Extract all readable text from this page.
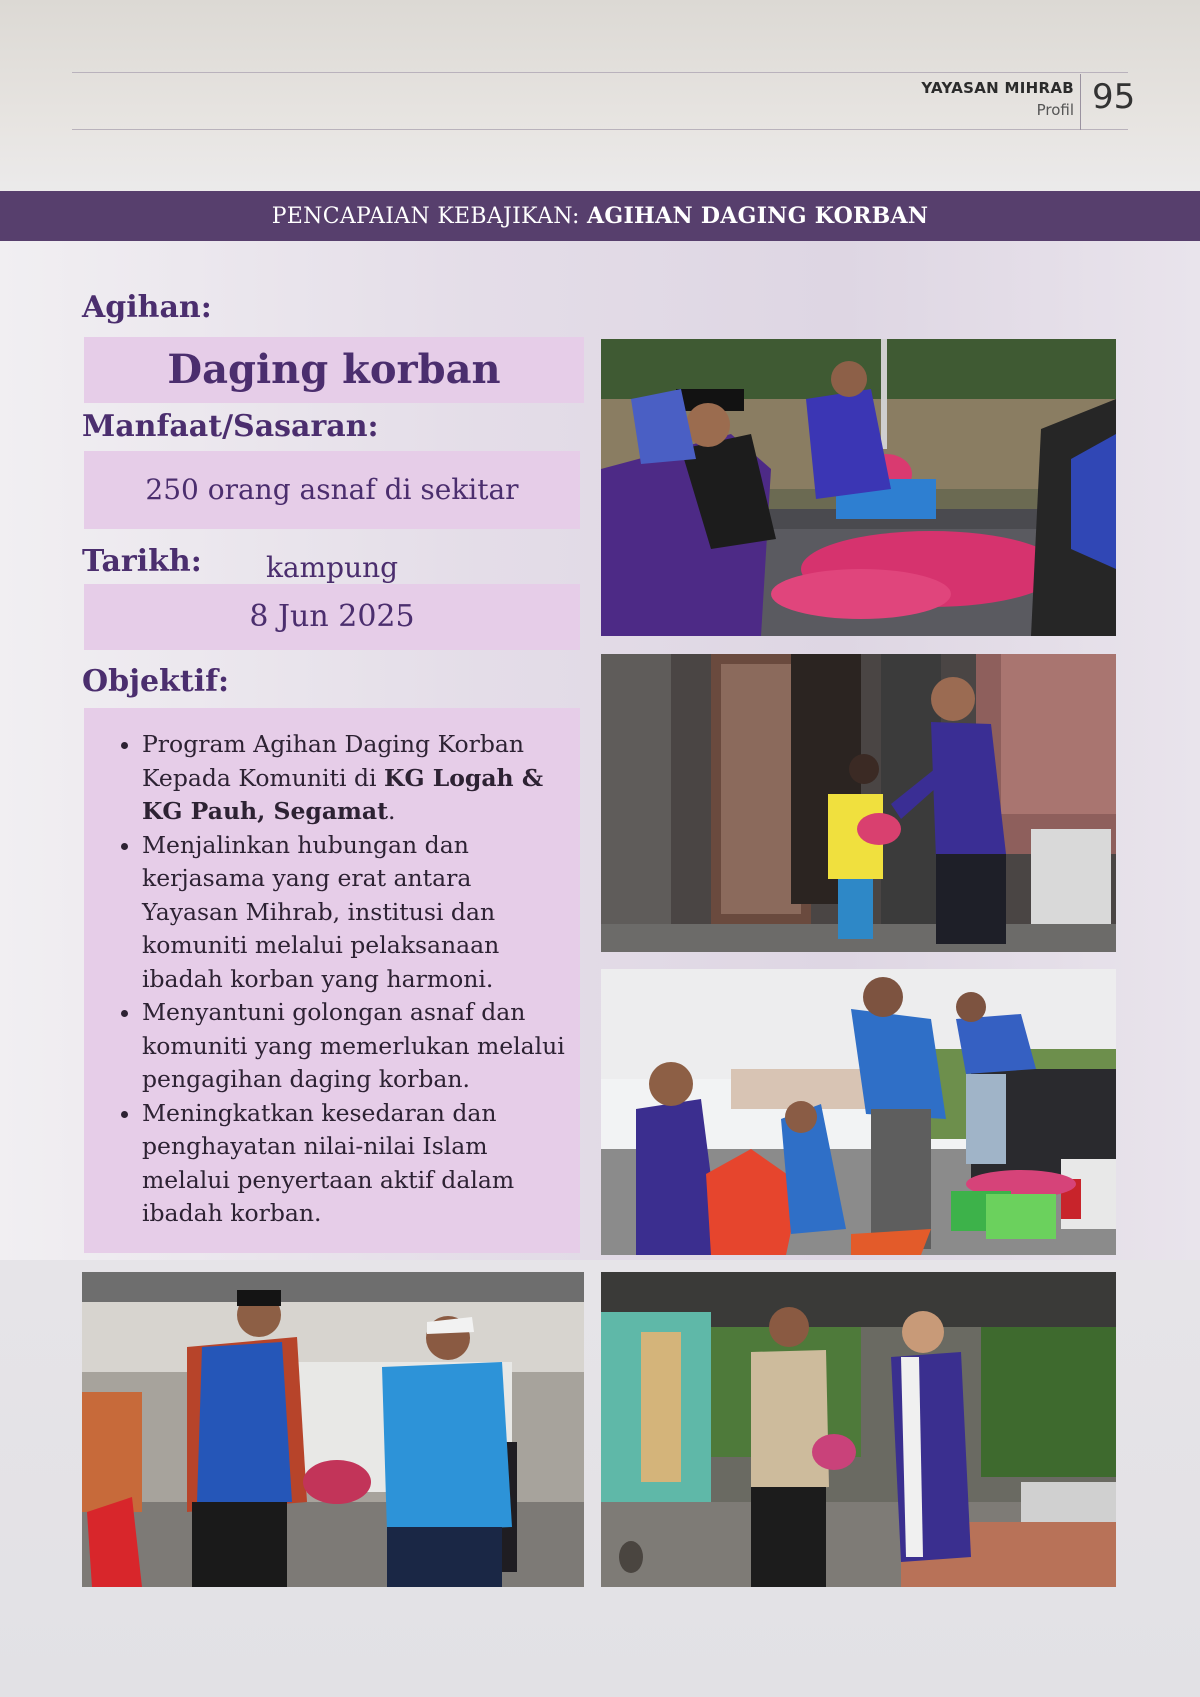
YAYASAN MIHRAB
Profil 95
PENCAPAIAN KEBAJIKAN: AGIHAN DAGING KORBAN
Agihan:
Daging korban
Manfaat/Sasaran:
250 orang asnaf di sekitar kampung
Tarikh:
8 Jun 2025
Objektif:
• Program Agihan Daging Korban Kepada Komuniti di KG Logah & KG Pauh, Segamat.
• Menjalinkan hubungan dan kerjasama yang erat antara Yayasan Mihrab, institusi dan komuniti melalui pelaksanaan ibadah korban yang harmoni.
• Menyantuni golongan asnaf dan komuniti yang memerlukan melalui pengagihan daging korban.
• Meningkatkan kesedaran dan penghayatan nilai-nilai Islam melalui penyertaan aktif dalam ibadah korban.
